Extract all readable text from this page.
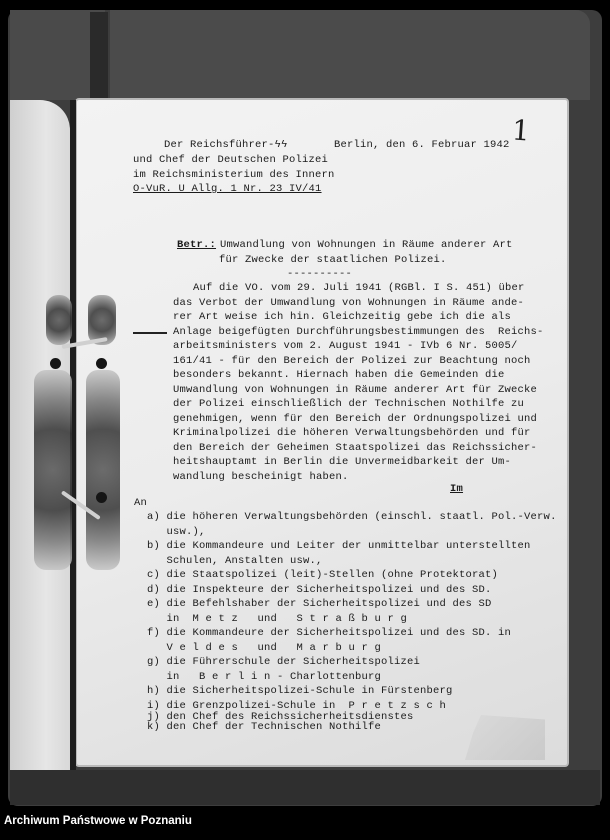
1
Der Reichsführer-ϟϟ
und Chef der Deutschen Polizei
im Reichsministerium des Innern
O-VuR. U Allg. 1 Nr. 23 IV/41
Berlin, den 6. Februar 1942
Betr.: Umwandlung von Wohnungen in Räume anderer Art
für Zwecke der staatlichen Polizei.
----------
Auf die VO. vom 29. Juli 1941 (RGBl. I S. 451) über
das Verbot der Umwandlung von Wohnungen in Räume ande-
rer Art weise ich hin. Gleichzeitig gebe ich die als
Anlage beigefügten Durchführungsbestimmungen des  Reichs-
arbeitsministers vom 2. August 1941 - IVb 6 Nr. 5005/
161/41 - für den Bereich der Polizei zur Beachtung noch
besonders bekannt. Hiernach haben die Gemeinden die
Umwandlung von Wohnungen in Räume anderer Art für Zwecke
der Polizei einschließlich der Technischen Nothilfe zu
genehmigen, wenn für den Bereich der Ordnungspolizei und
Kriminalpolizei die höheren Verwaltungsbehörden und für
den Bereich der Geheimen Staatspolizei das Reichssicher-
heitshauptamt in Berlin die Unvermeidbarkeit der Um-
wandlung bescheinigt haben.
Im
An
a) die höheren Verwaltungsbehörden (einschl. staatl. Pol.-Verw.
usw.),
b) die Kommandeure und Leiter der unmittelbar unterstellten
Schulen, Anstalten usw.,
c) die Staatspolizei (leit)-Stellen (ohne Protektorat)
d) die Inspekteure der Sicherheitspolizei und des SD.
e) die Befehlshaber der Sicherheitspolizei und des SD
in  M e t z   und   S t r a ß b u r g
f) die Kommandeure der Sicherheitspolizei und des SD. in
V e l d e s   und   M a r b u r g
g) die Führerschule der Sicherheitspolizei
in   B e r l i n - Charlottenburg
h) die Sicherheitspolizei-Schule in Fürstenberg
i) die Grenzpolizei-Schule in  P r e t z s c h
j) den Chef des Reichssicherheitsdienstes
k) den Chef der Technischen Nothilfe
Archiwum Państwowe w Poznaniu
